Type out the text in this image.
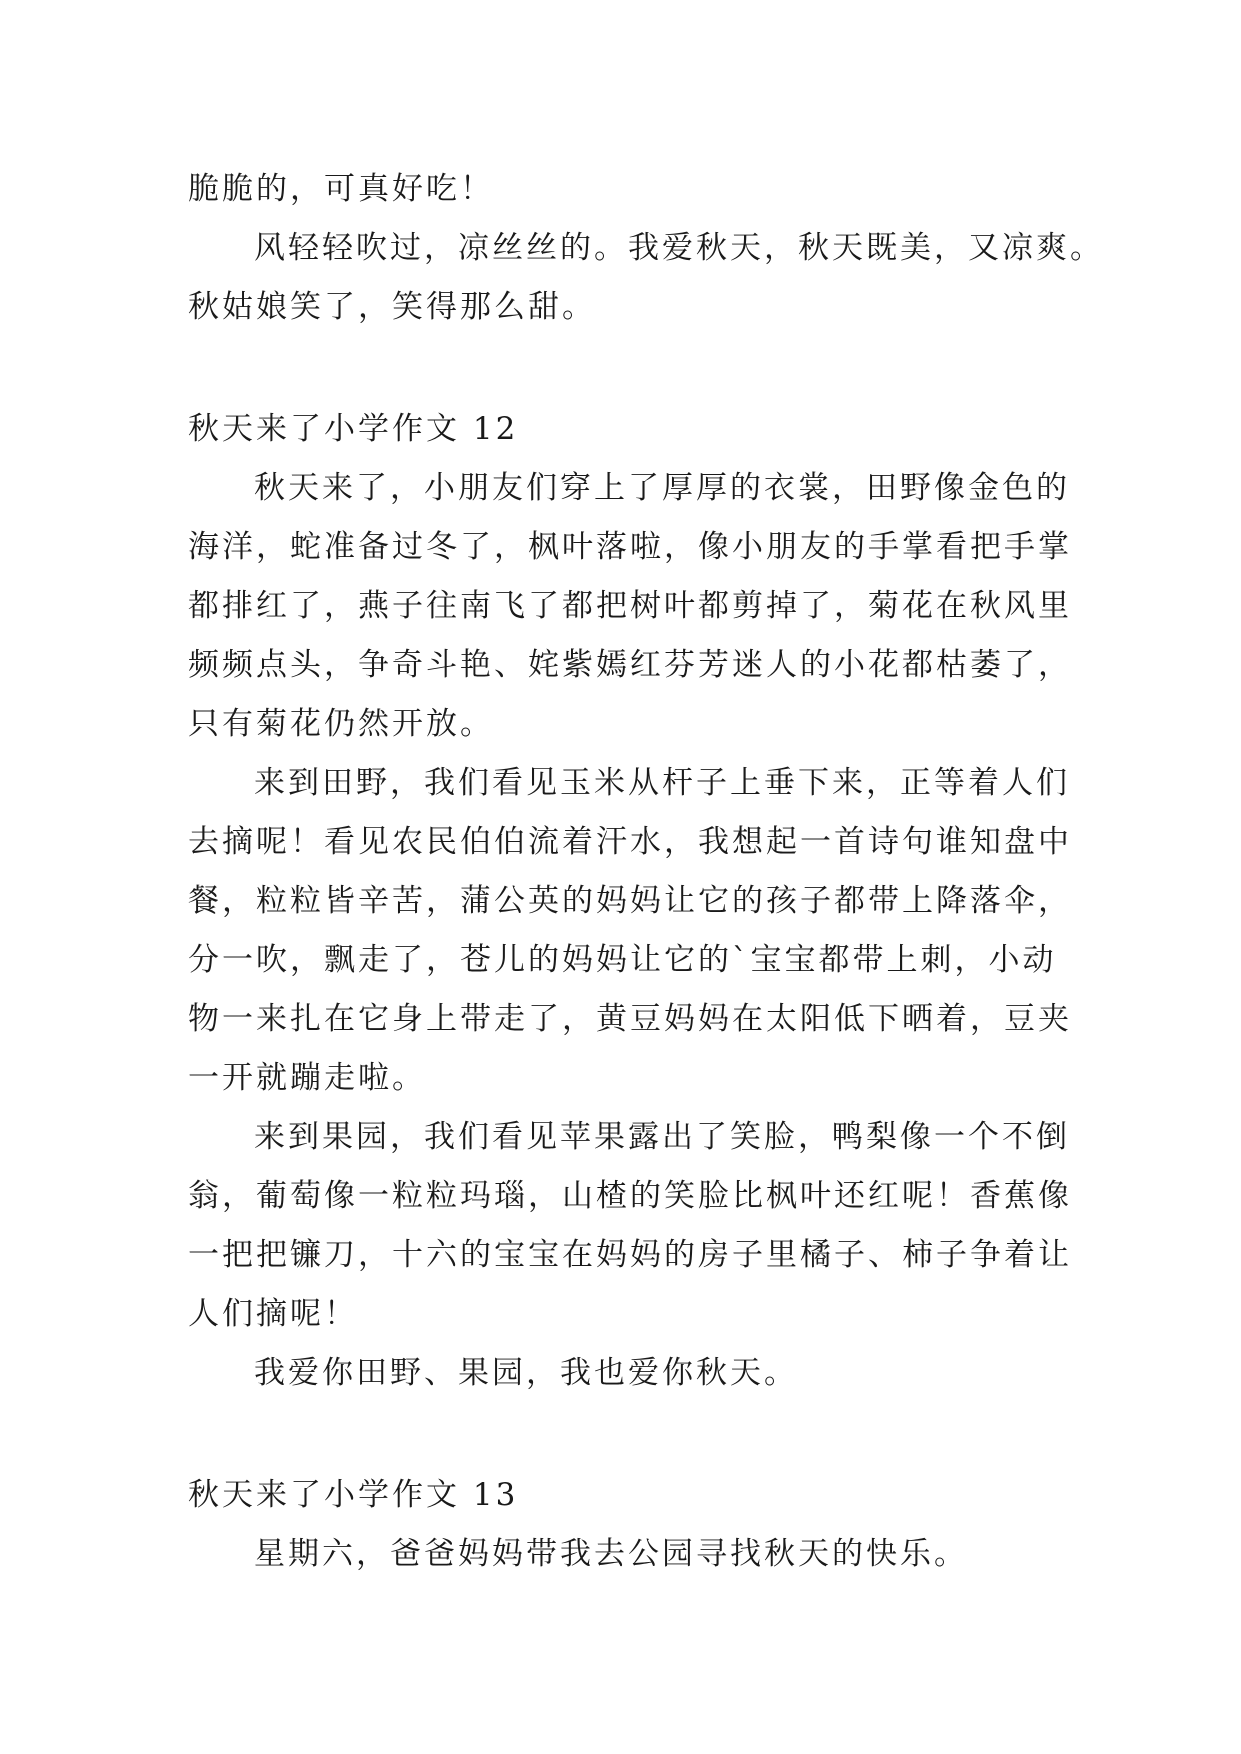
脆脆的，可真好吃！
风轻轻吹过，凉丝丝的。我爱秋天，秋天既美，又凉爽。
秋姑娘笑了，笑得那么甜。
秋天来了小学作文 12
秋天来了，小朋友们穿上了厚厚的衣裳，田野像金色的
海洋，蛇准备过冬了，枫叶落啦，像小朋友的手掌看把手掌
都排红了，燕子往南飞了都把树叶都剪掉了，菊花在秋风里
频频点头，争奇斗艳、姹紫嫣红芬芳迷人的小花都枯萎了，
只有菊花仍然开放。
来到田野，我们看见玉米从杆子上垂下来，正等着人们
去摘呢！看见农民伯伯流着汗水，我想起一首诗句谁知盘中
餐，粒粒皆辛苦，蒲公英的妈妈让它的孩子都带上降落伞，
分一吹，飘走了，苍儿的妈妈让它的`宝宝都带上刺，小动
物一来扎在它身上带走了，黄豆妈妈在太阳低下晒着，豆夹
一开就蹦走啦。
来到果园，我们看见苹果露出了笑脸，鸭梨像一个不倒
翁，葡萄像一粒粒玛瑙，山楂的笑脸比枫叶还红呢！香蕉像
一把把镰刀，十六的宝宝在妈妈的房子里橘子、柿子争着让
人们摘呢！
我爱你田野、果园，我也爱你秋天。
秋天来了小学作文 13
星期六，爸爸妈妈带我去公园寻找秋天的快乐。
